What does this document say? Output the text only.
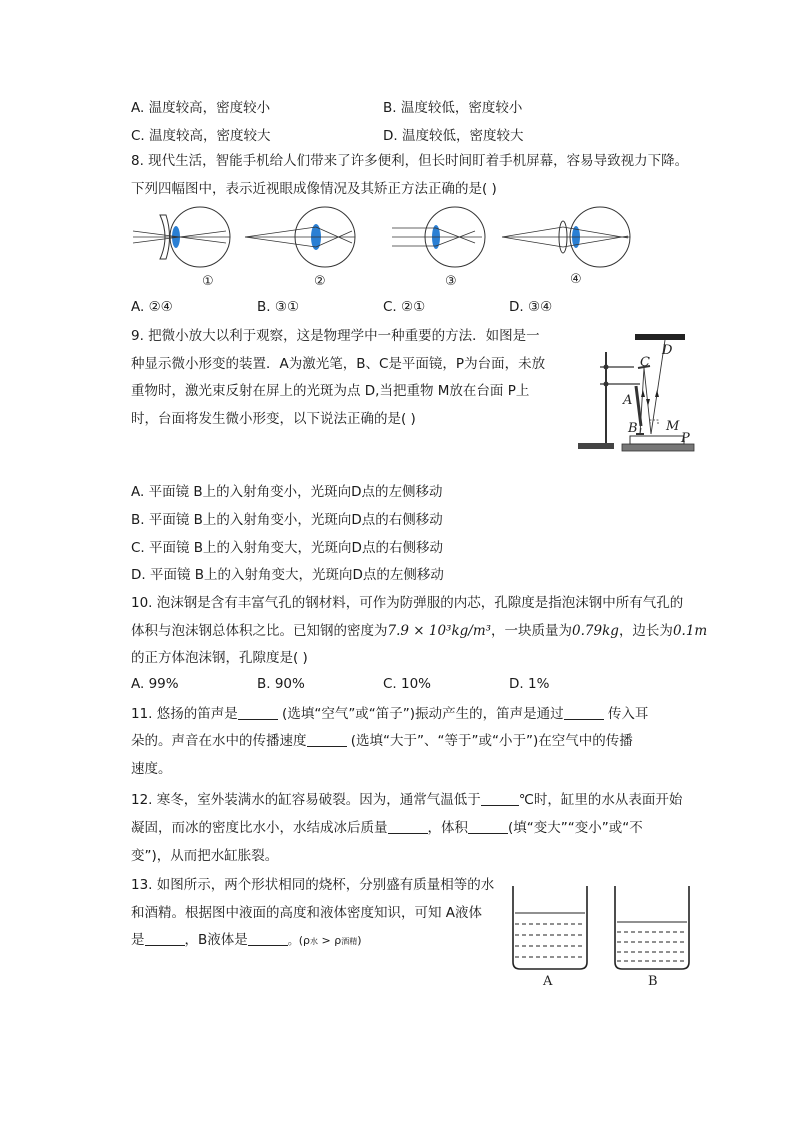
A. 温度较高，密度较小	B. 温度较低，密度较小
C. 温度较高，密度较大	D. 温度较低，密度较大
8. 现代生活，智能手机给人们带来了许多便利，但长时间盯着手机屏幕，容易导致视力下降。
下列四幅图中，表示近视眼成像情况及其矫正方法正确的是( )
①	②	③	④
A. ②④	B. ③①	C. ②①	D. ③④
9. 把微小放大以利于观察，这是物理学中一种重要的方法．如图是一
种显示微小形变的装置．A为激光笔，B、C是平面镜，P为台面，未放
重物时，激光束反射在屏上的光斑为点 D,当把重物 M放在台面 P上
时，台面将发生微小形变，以下说法正确的是( )
C
D
A
B M
P
A. 平面镜 B上的入射角变小，光斑向D点的左侧移动
B. 平面镜 B上的入射角变小，光斑向D点的右侧移动
C. 平面镜 B上的入射角变大，光斑向D点的右侧移动
D. 平面镜 B上的入射角变大，光斑向D点的左侧移动
10. 泡沫钢是含有丰富气孔的钢材料，可作为防弹服的内芯，孔隙度是指泡沫钢中所有气孔的
体积与泡沫钢总体积之比。已知钢的密度为7.9 × 10³kg/m³，一块质量为0.79kg，边长为0.1m
的正方体泡沫钢，孔隙度是( )
A. 99%	B. 90%	C. 10%	D. 1%
11. 悠扬的笛声是	(选填“空气”或“笛子”)振动产生的，笛声是通过	传入耳
朵的。声音在水中的传播速度	(选填“大于”、“等于”或“小于”)在空气中的传播
速度。
12. 寒冬，室外装满水的缸容易破裂。因为，通常气温低于	℃时，缸里的水从表面开始
凝固，而冰的密度比水小，水结成冰后质量	，体积	(填“变大”“变小”或“不
变”)，从而把水缸胀裂。
13. 如图所示，两个形状相同的烧杯，分别盛有质量相等的水
和酒精。根据图中液面的高度和液体密度知识，可知 A液体
是	，B液体是	。(ρ水 > ρ酒精)
A	B
